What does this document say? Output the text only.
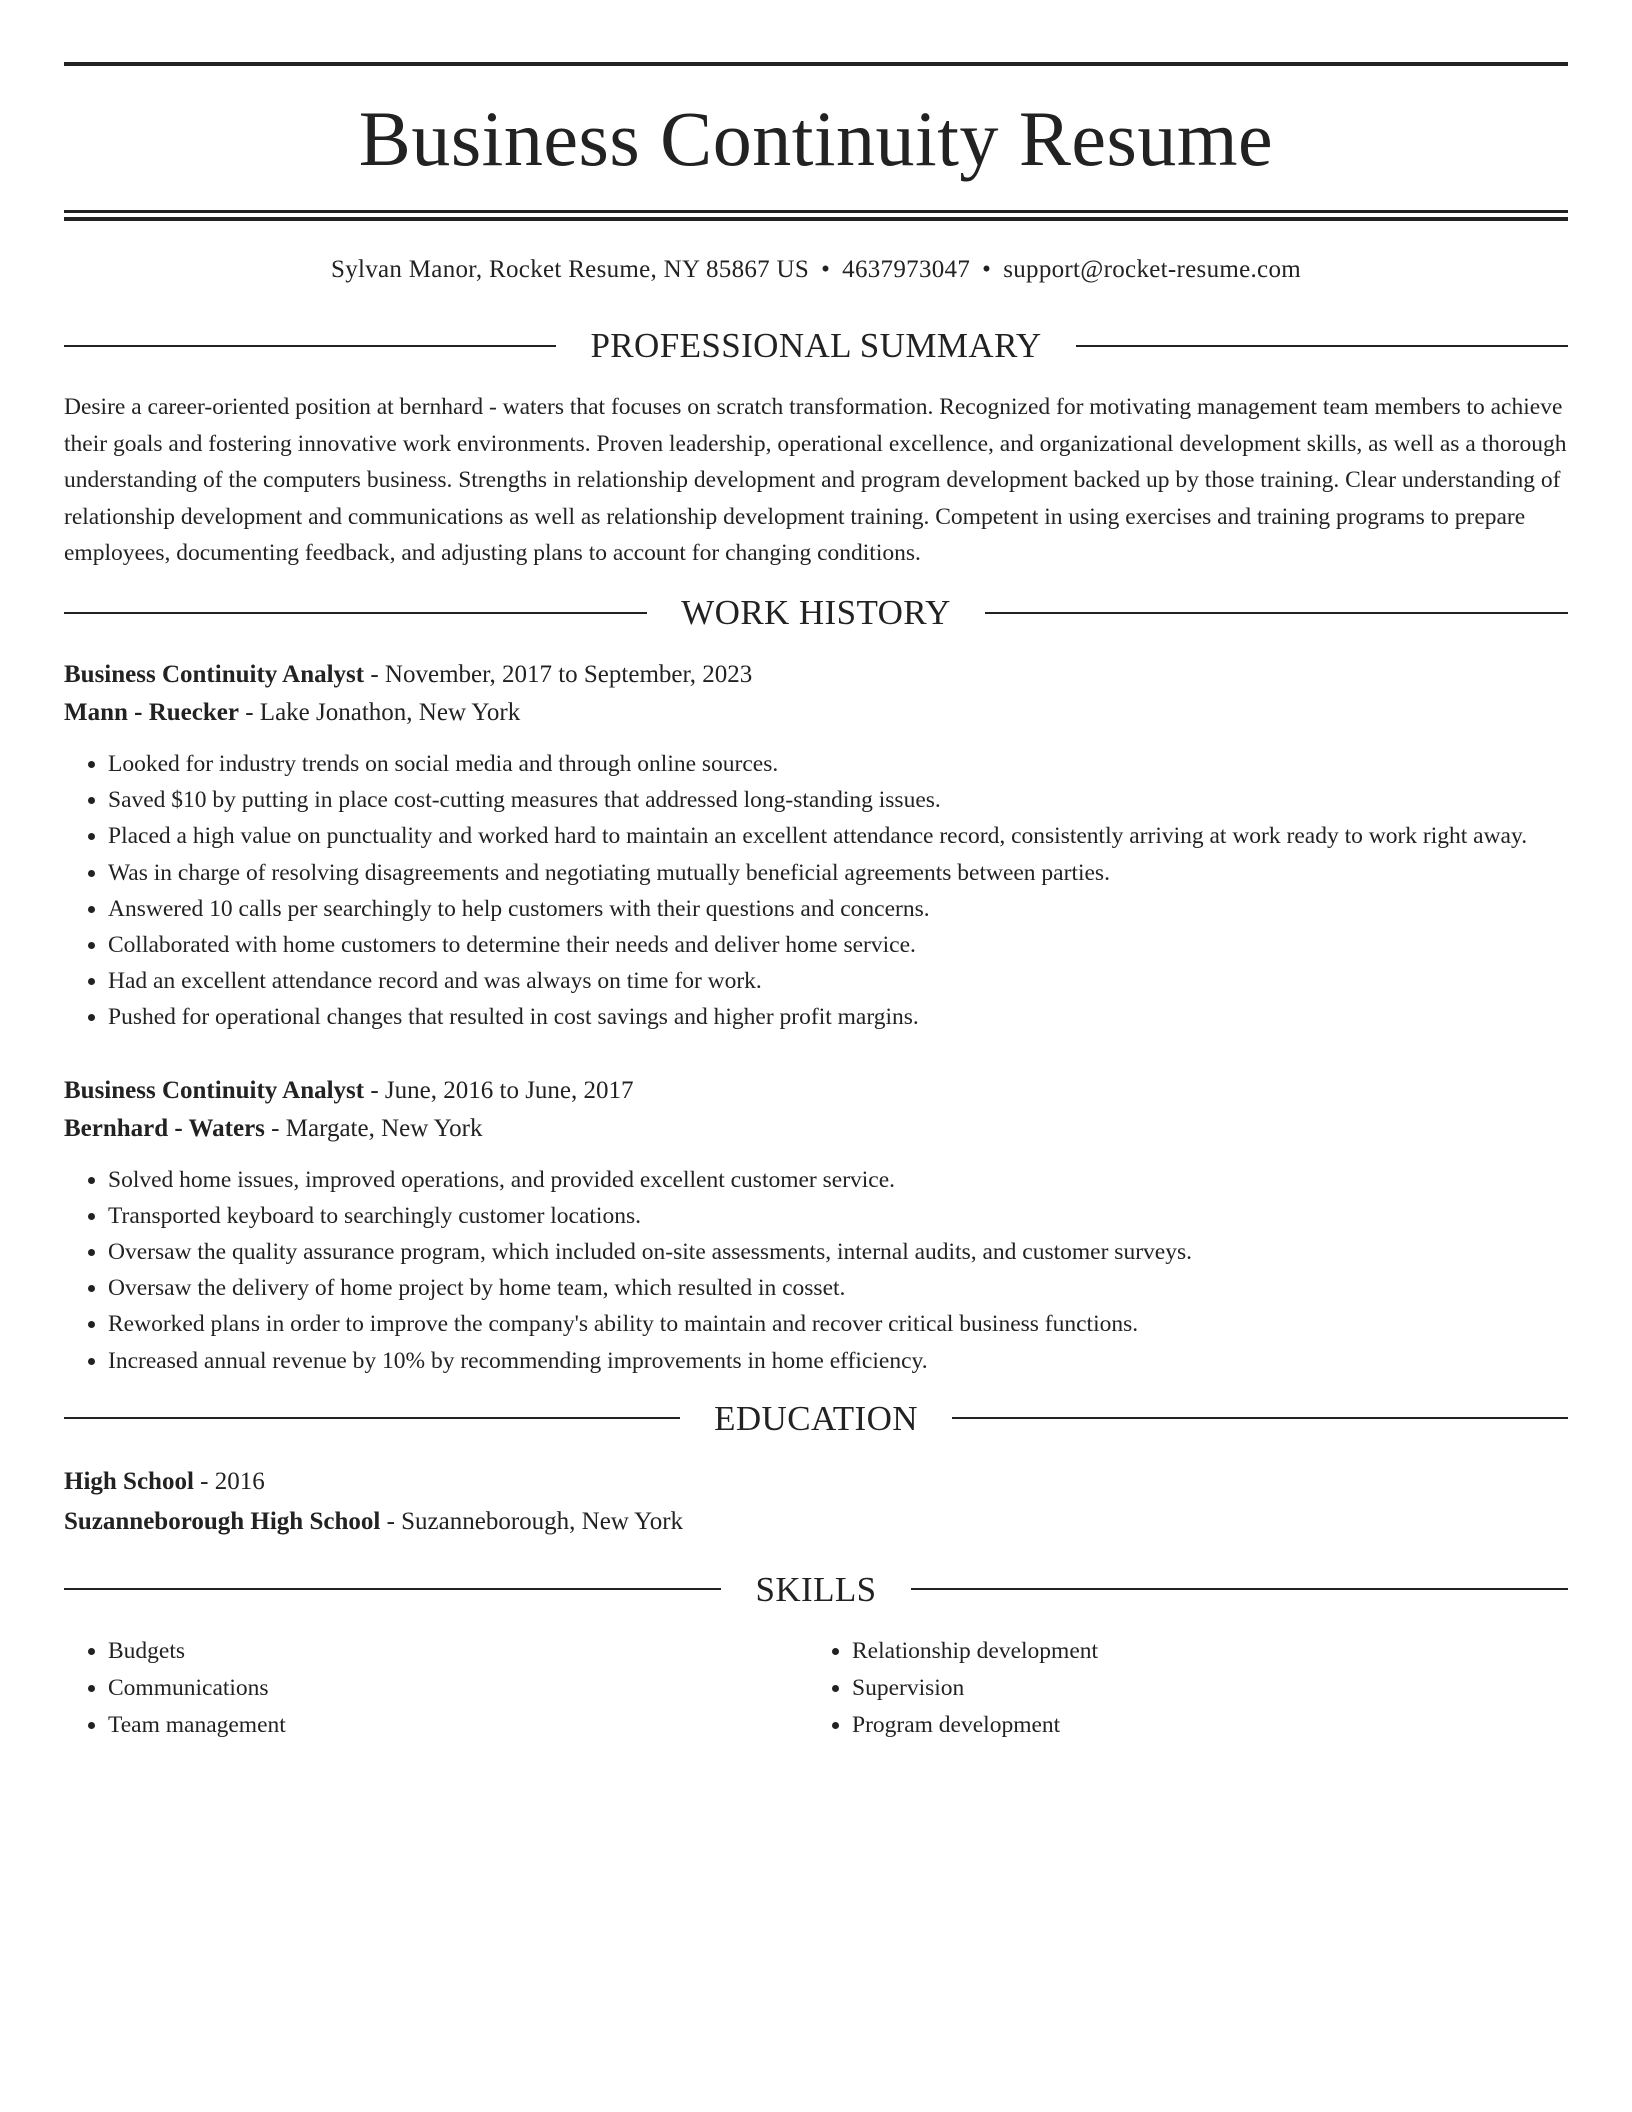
Business Continuity Resume
Sylvan Manor, Rocket Resume, NY 85867 US • 4637973047 • support@rocket-resume.com
PROFESSIONAL SUMMARY

Desire a career-oriented position at bernhard - waters that focuses on scratch transformation. Recognized for motivating management team members to achieve their goals and fostering innovative work environments. Proven leadership, operational excellence, and organizational development skills, as well as a thorough understanding of the computers business. Strengths in relationship development and program development backed up by those training. Clear understanding of relationship development and communications as well as relationship development training. Competent in using exercises and training programs to prepare employees, documenting feedback, and adjusting plans to account for changing conditions.

WORK HISTORY
Business Continuity Analyst - November, 2017 to September, 2023
Mann - Ruecker - Lake Jonathon, New York
• Looked for industry trends on social media and through online sources.
• Saved $10 by putting in place cost-cutting measures that addressed long-standing issues.
• Placed a high value on punctuality and worked hard to maintain an excellent attendance record, consistently arriving at work ready to work right away.
• Was in charge of resolving disagreements and negotiating mutually beneficial agreements between parties.
• Answered 10 calls per searchingly to help customers with their questions and concerns.
• Collaborated with home customers to determine their needs and deliver home service.
• Had an excellent attendance record and was always on time for work.
• Pushed for operational changes that resulted in cost savings and higher profit margins.
Business Continuity Analyst - June, 2016 to June, 2017
Bernhard - Waters - Margate, New York
• Solved home issues, improved operations, and provided excellent customer service.
• Transported keyboard to searchingly customer locations.
• Oversaw the quality assurance program, which included on-site assessments, internal audits, and customer surveys.
• Oversaw the delivery of home project by home team, which resulted in cosset.
• Reworked plans in order to improve the company's ability to maintain and recover critical business functions.
• Increased annual revenue by 10% by recommending improvements in home efficiency.
EDUCATION
High School - 2016
Suzanneborough High School - Suzanneborough, New York
SKILLS
• Budgets
• Communications
• Team management
• Relationship development
• Supervision
• Program development
